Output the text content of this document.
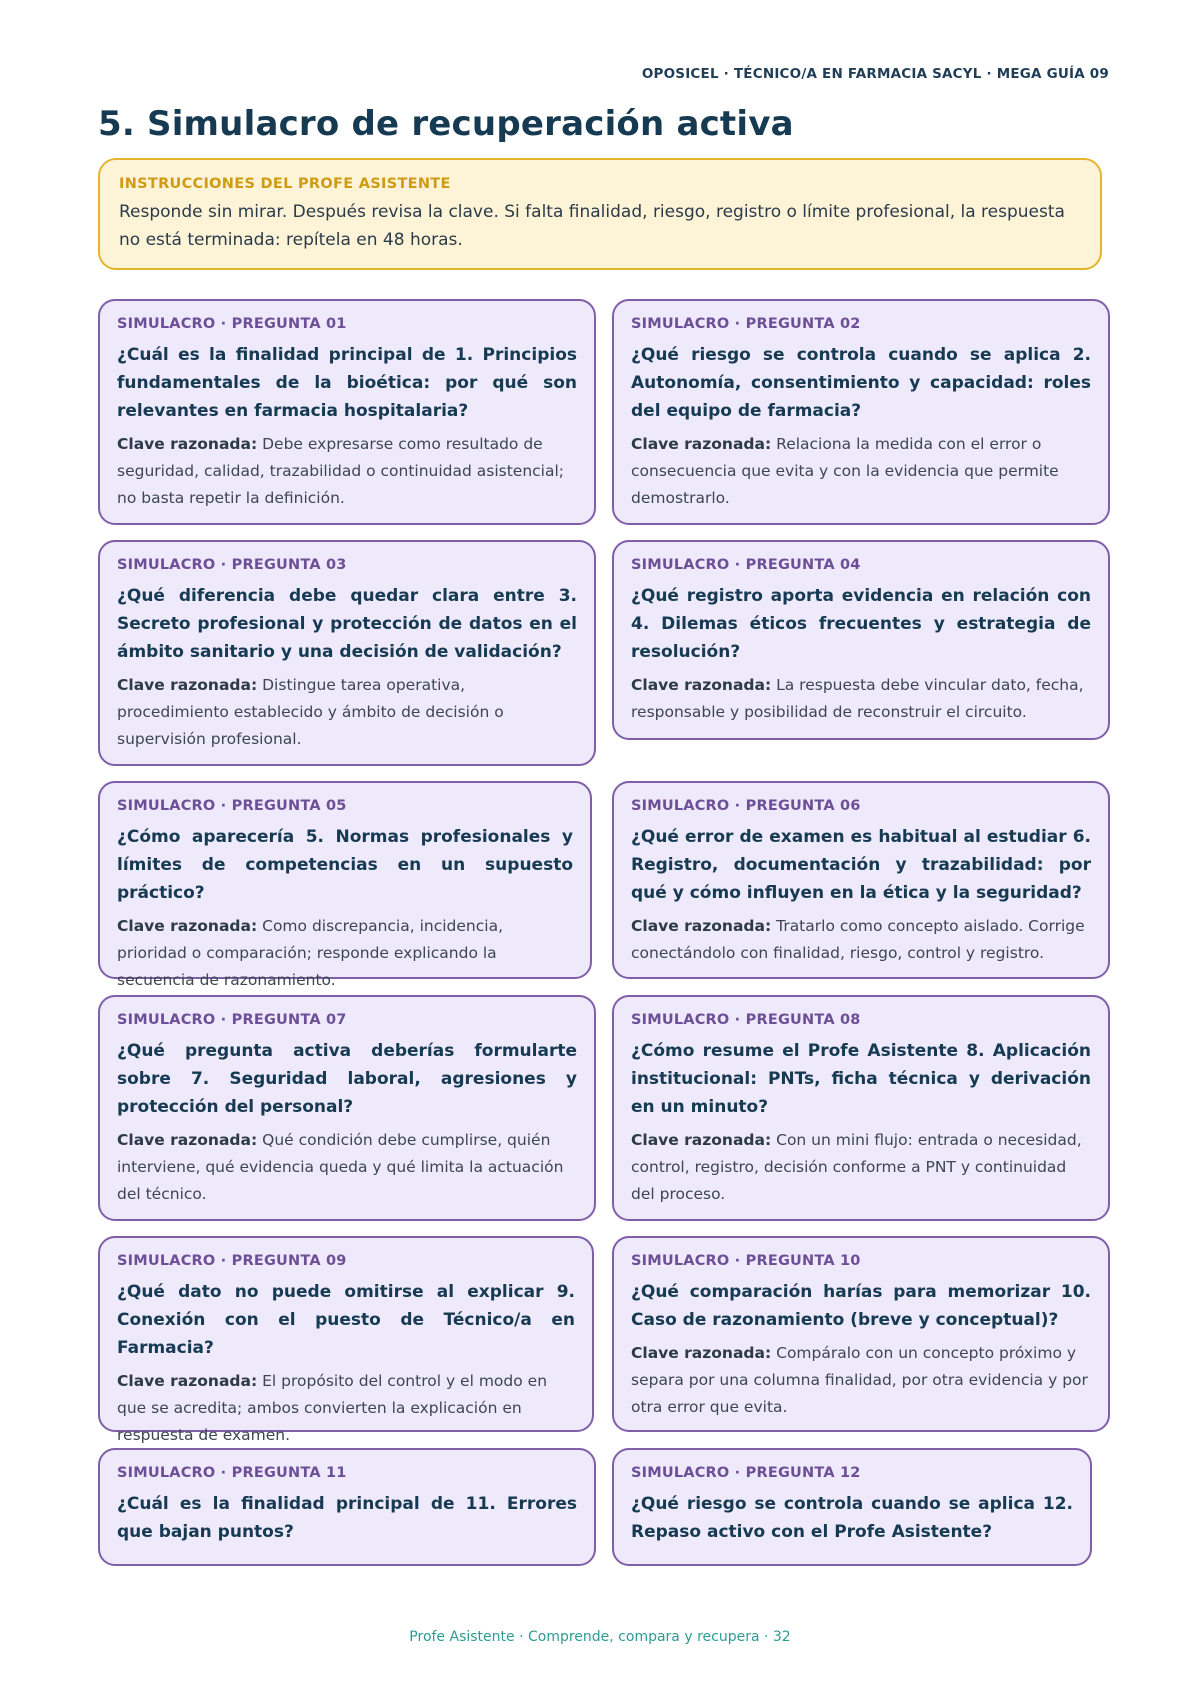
OPOSICEL · TÉCNICO/A EN FARMACIA SACYL · MEGA GUÍA 09
5. Simulacro de recuperación activa
INSTRUCCIONES DEL PROFE ASISTENTE
Responde sin mirar. Después revisa la clave. Si falta finalidad, riesgo, registro o límite profesional, la respuesta no está terminada: repítela en 48 horas.
SIMULACRO · PREGUNTA 01
¿Cuál es la finalidad principal de 1. Principios fundamentales de la bioética: por qué son relevantes en farmacia hospitalaria?
Clave razonada: Debe expresarse como resultado de seguridad, calidad, trazabilidad o continuidad asistencial; no basta repetir la definición.
SIMULACRO · PREGUNTA 02
¿Qué riesgo se controla cuando se aplica 2. Autonomía, consentimiento y capacidad: roles del equipo de farmacia?
Clave razonada: Relaciona la medida con el error o consecuencia que evita y con la evidencia que permite demostrarlo.
SIMULACRO · PREGUNTA 03
¿Qué diferencia debe quedar clara entre 3. Secreto profesional y protección de datos en el ámbito sanitario y una decisión de validación?
Clave razonada: Distingue tarea operativa, procedimiento establecido y ámbito de decisión o supervisión profesional.
SIMULACRO · PREGUNTA 04
¿Qué registro aporta evidencia en relación con 4. Dilemas éticos frecuentes y estrategia de resolución?
Clave razonada: La respuesta debe vincular dato, fecha, responsable y posibilidad de reconstruir el circuito.
SIMULACRO · PREGUNTA 05
¿Cómo aparecería 5. Normas profesionales y límites de competencias en un supuesto práctico?
Clave razonada: Como discrepancia, incidencia, prioridad o comparación; responde explicando la secuencia de razonamiento.
SIMULACRO · PREGUNTA 06
¿Qué error de examen es habitual al estudiar 6. Registro, documentación y trazabilidad: por qué y cómo influyen en la ética y la seguridad?
Clave razonada: Tratarlo como concepto aislado. Corrige conectándolo con finalidad, riesgo, control y registro.
SIMULACRO · PREGUNTA 07
¿Qué pregunta activa deberías formularte sobre 7. Seguridad laboral, agresiones y protección del personal?
Clave razonada: Qué condición debe cumplirse, quién interviene, qué evidencia queda y qué limita la actuación del técnico.
SIMULACRO · PREGUNTA 08
¿Cómo resume el Profe Asistente 8. Aplicación institucional: PNTs, ficha técnica y derivación en un minuto?
Clave razonada: Con un mini flujo: entrada o necesidad, control, registro, decisión conforme a PNT y continuidad del proceso.
SIMULACRO · PREGUNTA 09
¿Qué dato no puede omitirse al explicar 9. Conexión con el puesto de Técnico/a en Farmacia?
Clave razonada: El propósito del control y el modo en que se acredita; ambos convierten la explicación en respuesta de examen.
SIMULACRO · PREGUNTA 10
¿Qué comparación harías para memorizar 10. Caso de razonamiento (breve y conceptual)?
Clave razonada: Compáralo con un concepto próximo y separa por una columna finalidad, por otra evidencia y por otra error que evita.
SIMULACRO · PREGUNTA 11
¿Cuál es la finalidad principal de 11. Errores que bajan puntos?
SIMULACRO · PREGUNTA 12
¿Qué riesgo se controla cuando se aplica 12. Repaso activo con el Profe Asistente?
Profe Asistente · Comprende, compara y recupera · 32
